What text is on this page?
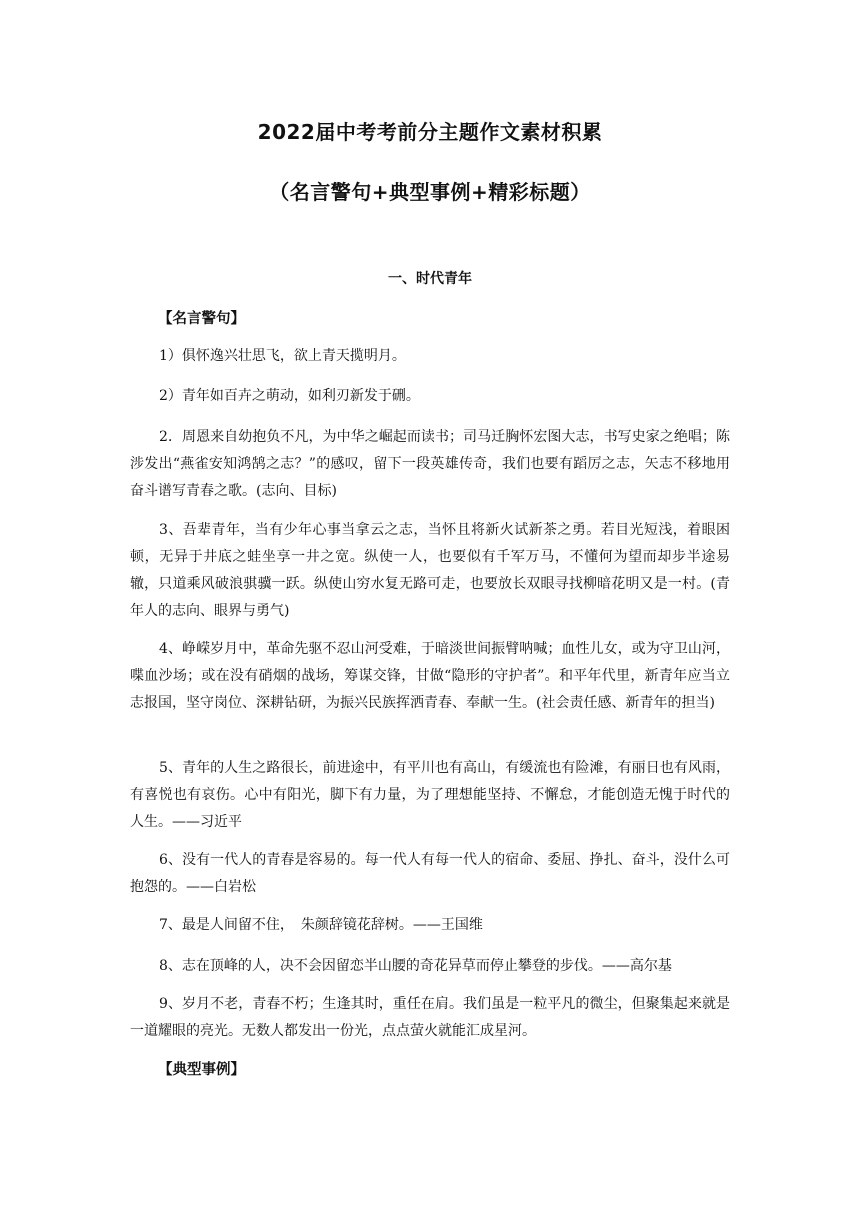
2022届中考考前分主题作文素材积累
（名言警句+典型事例+精彩标题）
一、时代青年
【名言警句】

1）俱怀逸兴壮思飞，欲上青天揽明月。

2）青年如百卉之萌动，如利刃新发于硎。

2．周恩来自幼抱负不凡，为中华之崛起而读书；司马迁胸怀宏图大志，书写史家之绝唱；陈涉发出“燕雀安知鸿鹄之志？”的感叹，留下一段英雄传奇，我们也要有蹈厉之志，矢志不移地用奋斗谱写青春之歌。(志向、目标)

3、吾辈青年，当有少年心事当拿云之志，当怀且将新火试新茶之勇。若目光短浅，着眼困顿，无异于井底之蛙坐享一井之宽。纵使一人，也要似有千军万马，不懂何为望而却步半途易辙，只道乘风破浪骐骥一跃。纵使山穷水复无路可走，也要放长双眼寻找柳暗花明又是一村。(青年人的志向、眼界与勇气)

4、峥嵘岁月中，革命先驱不忍山河受难，于暗淡世间振臂呐喊；血性儿女，或为守卫山河，喋血沙场；或在没有硝烟的战场，筹谋交锋，甘做“隐形的守护者”。和平年代里，新青年应当立志报国，坚守岗位、深耕钻研，为振兴民族挥洒青春、奉献一生。(社会责任感、新青年的担当)

5、青年的人生之路很长，前进途中，有平川也有高山，有缓流也有险滩，有丽日也有风雨，有喜悦也有哀伤。心中有阳光，脚下有力量，为了理想能坚持、不懈怠，才能创造无愧于时代的人生。——习近平

6、没有一代人的青春是容易的。每一代人有每一代人的宿命、委屈、挣扎、奋斗，没什么可抱怨的。——白岩松

7、最是人间留不住，　朱颜辞镜花辞树。——王国维

8、志在顶峰的人，决不会因留恋半山腰的奇花异草而停止攀登的步伐。——高尔基

9、岁月不老，青春不朽；生逢其时，重任在肩。我们虽是一粒平凡的微尘，但聚集起来就是一道耀眼的亮光。无数人都发出一份光，点点萤火就能汇成星河。

【典型事例】
